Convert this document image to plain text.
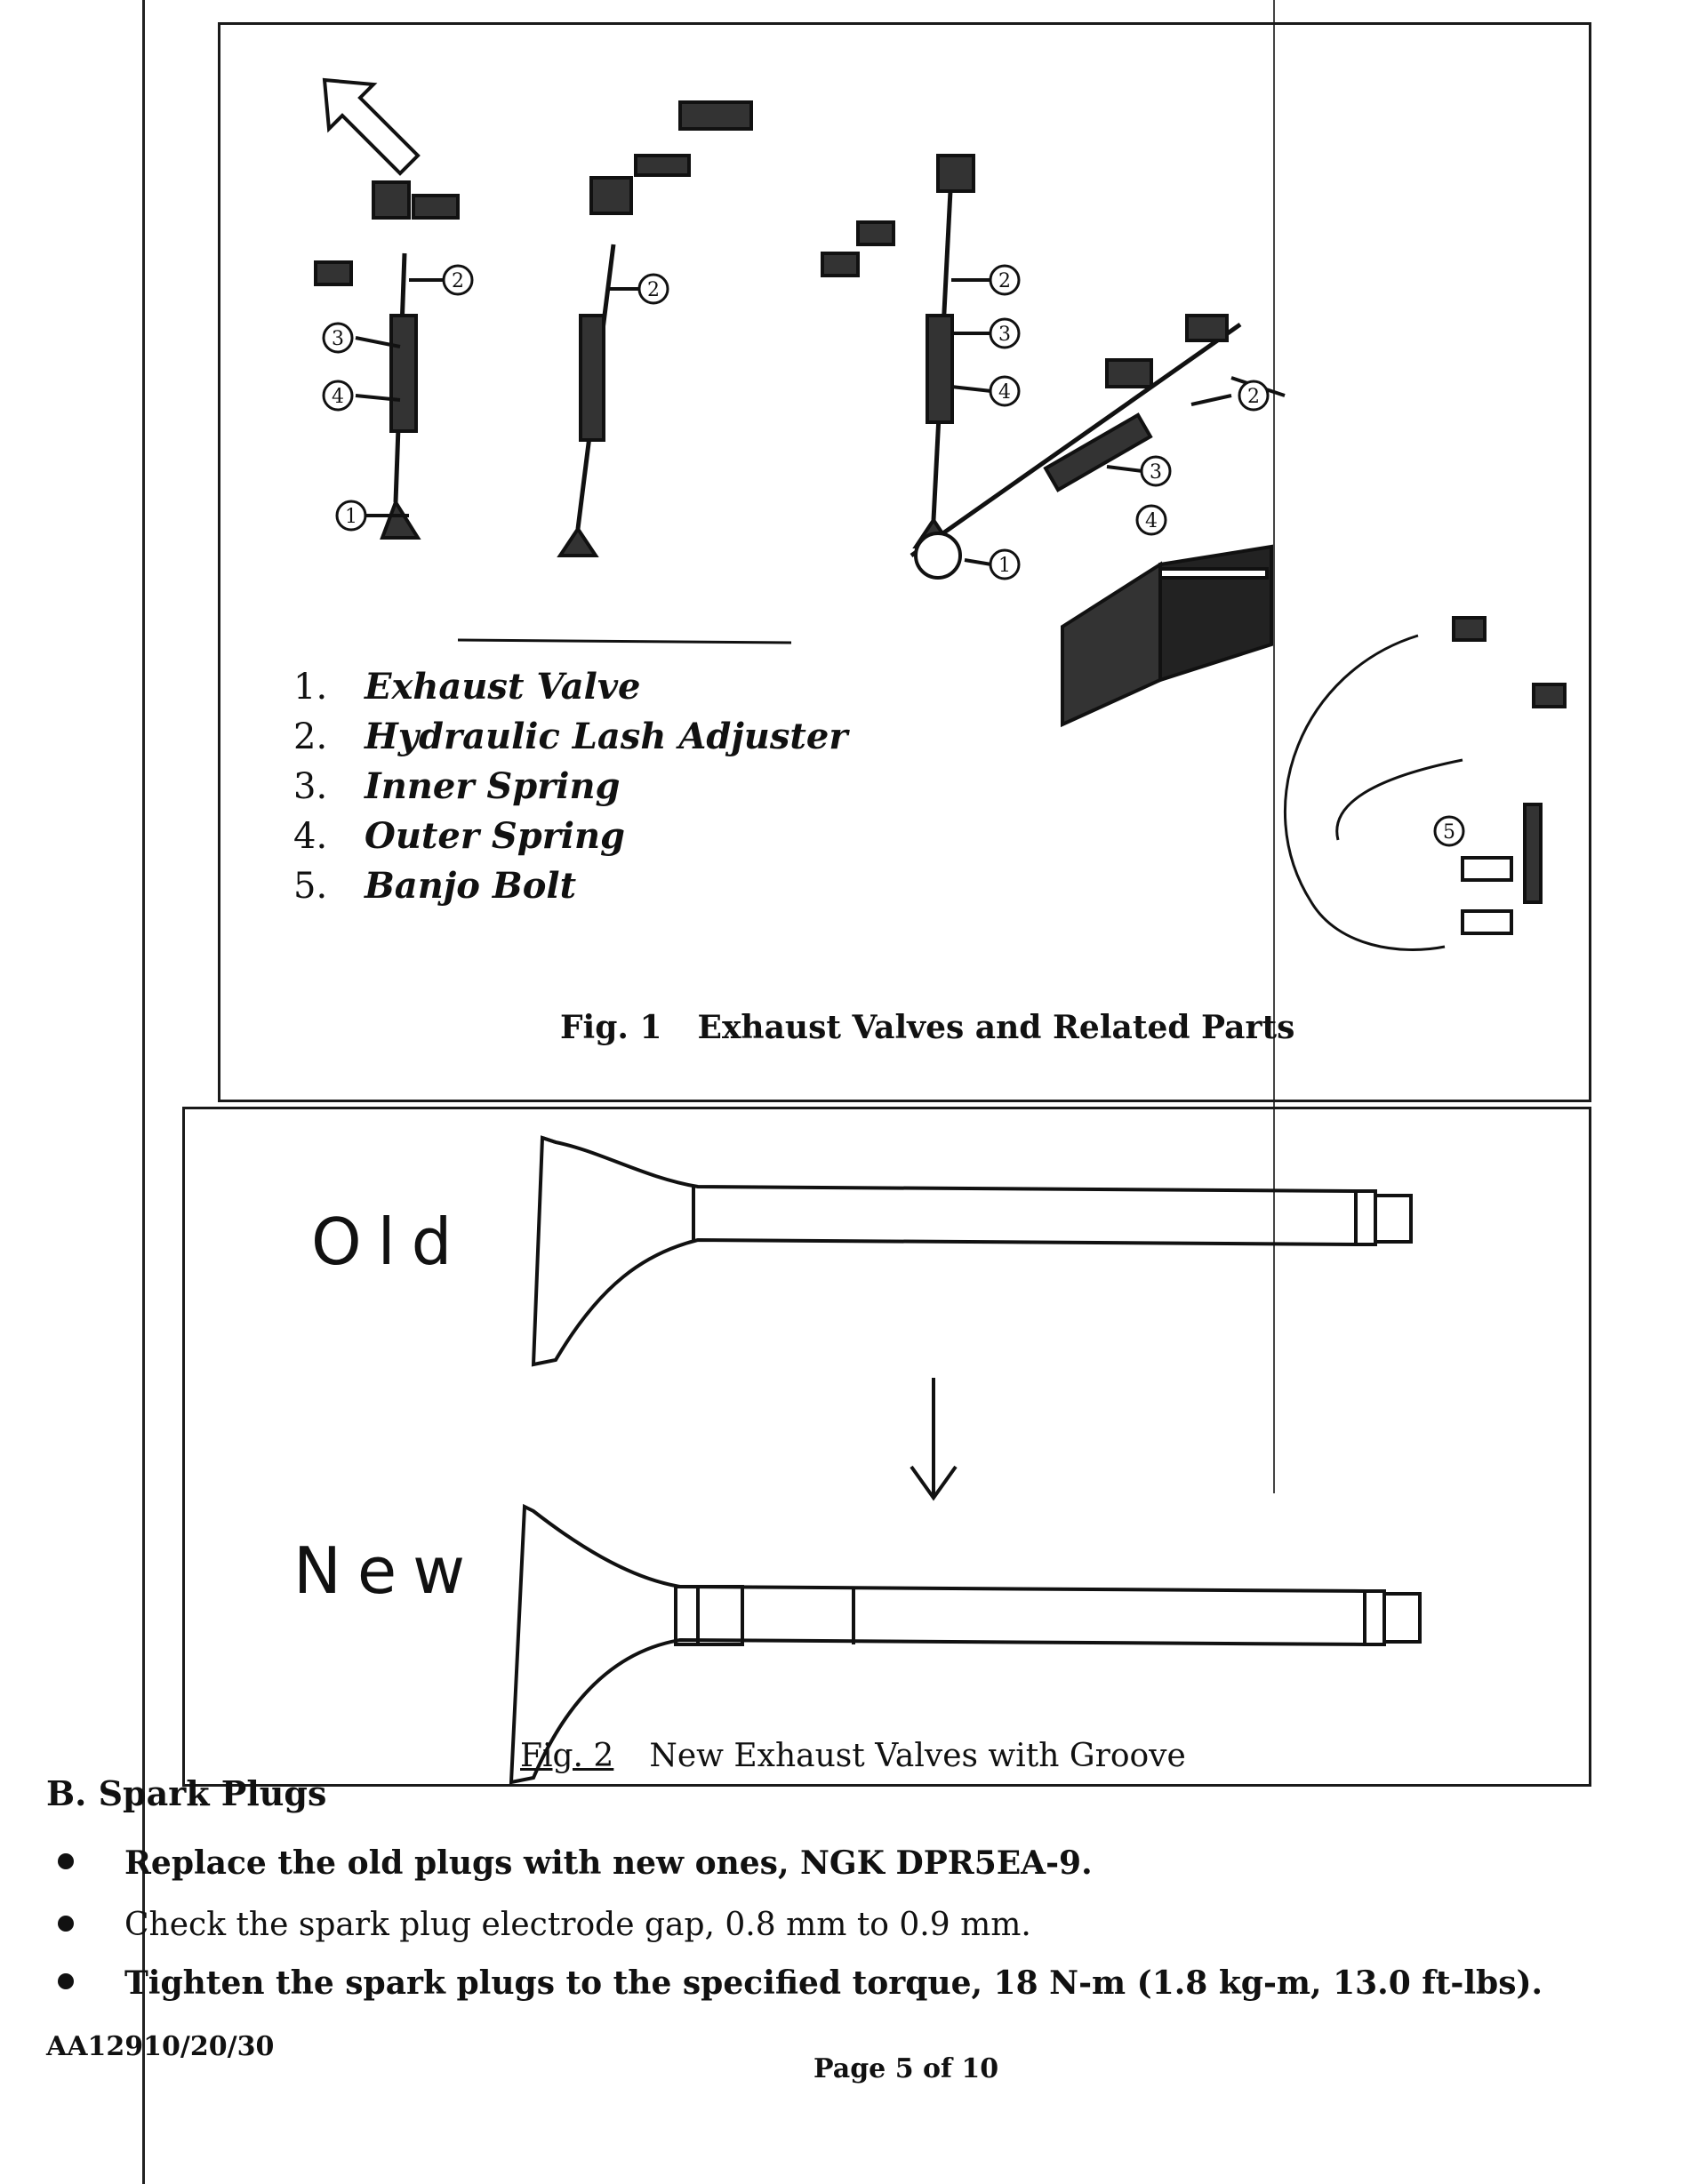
2
3
4
1
2	2
3
4	2
3
4
1
5
1.	Exhaust Valve
2.	Hydraulic Lash Adjuster
3.	Inner Spring
4.	Outer Spring
5.	Banjo Bolt
Fig. 1 Exhaust Valves and Related Parts
Old
New
Fig. 2 New Exhaust Valves with Groove
B. Spark Plugs
Replace the old plugs with new ones, NGK DPR5EA-9.
Check the spark plug electrode gap, 0.8 mm to 0.9 mm.
Tighten the spark plugs to the specified torque, 18 N-m (1.8 kg-m, 13.0 ft-lbs).
AA12910/20/30
Page 5 of 10
